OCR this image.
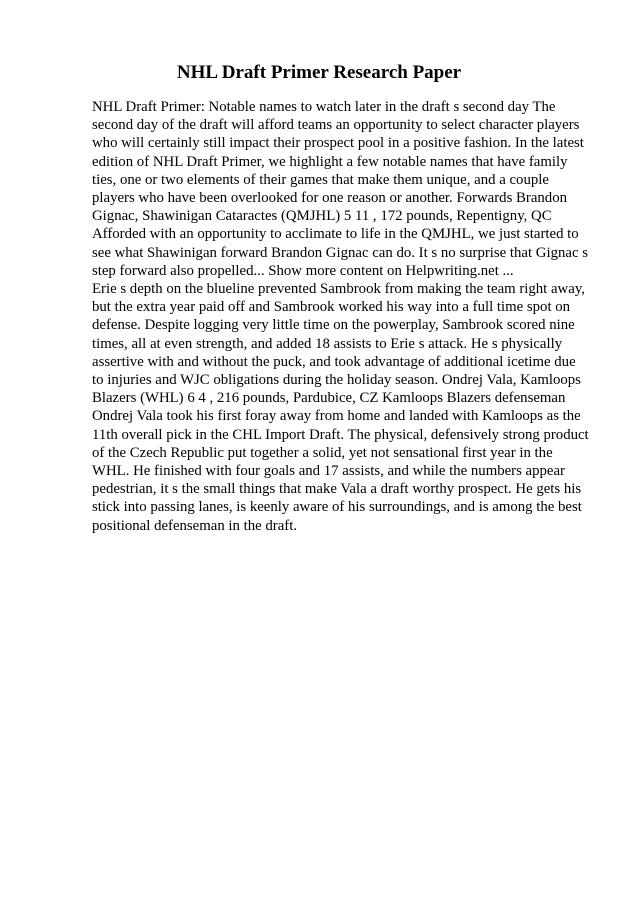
NHL Draft Primer Research Paper
NHL Draft Primer: Notable names to watch later in the draft s second day The
second day of the draft will afford teams an opportunity to select character players
who will certainly still impact their prospect pool in a positive fashion. In the latest
edition of NHL Draft Primer, we highlight a few notable names that have family
ties, one or two elements of their games that make them unique, and a couple
players who have been overlooked for one reason or another. Forwards Brandon
Gignac, Shawinigan Cataractes (QMJHL) 5 11 , 172 pounds, Repentigny, QC
Afforded with an opportunity to acclimate to life in the QMJHL, we just started to
see what Shawinigan forward Brandon Gignac can do. It s no surprise that Gignac s
step forward also propelled... Show more content on Helpwriting.net ...
Erie s depth on the blueline prevented Sambrook from making the team right away,
but the extra year paid off and Sambrook worked his way into a full time spot on
defense. Despite logging very little time on the powerplay, Sambrook scored nine
times, all at even strength, and added 18 assists to Erie s attack. He s physically
assertive with and without the puck, and took advantage of additional icetime due
to injuries and WJC obligations during the holiday season. Ondrej Vala, Kamloops
Blazers (WHL) 6 4 , 216 pounds, Pardubice, CZ Kamloops Blazers defenseman
Ondrej Vala took his first foray away from home and landed with Kamloops as the
11th overall pick in the CHL Import Draft. The physical, defensively strong product
of the Czech Republic put together a solid, yet not sensational first year in the
WHL. He finished with four goals and 17 assists, and while the numbers appear
pedestrian, it s the small things that make Vala a draft worthy prospect. He gets his
stick into passing lanes, is keenly aware of his surroundings, and is among the best
positional defenseman in the draft.
